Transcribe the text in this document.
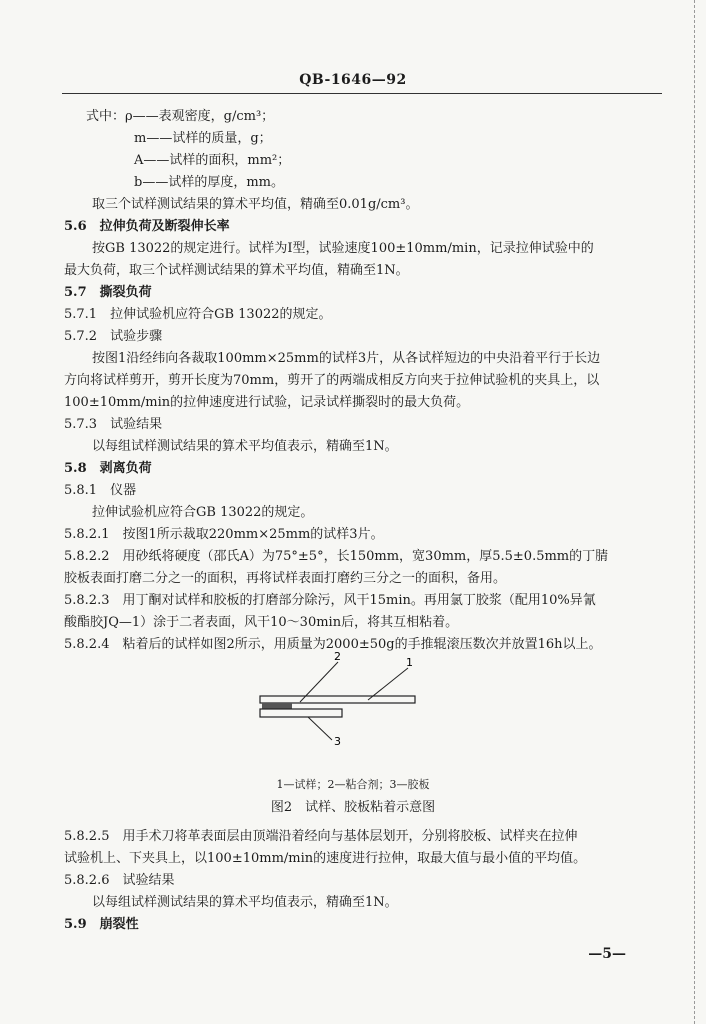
QB-1646—92
式中：ρ——表观密度，g/cm³；
m——试样的质量，g；
A——试样的面积，mm²；
b——试样的厚度，mm。
取三个试样测试结果的算术平均值，精确至0.01g/cm³。
5.6　拉伸负荷及断裂伸长率
按GB 13022的规定进行。试样为Ⅰ型，试验速度100±10mm/min，记录拉伸试验中的
最大负荷，取三个试样测试结果的算术平均值，精确至1N。
5.7　撕裂负荷
5.7.1　拉伸试验机应符合GB 13022的规定。
5.7.2　试验步骤
按图1沿经纬向各裁取100mm×25mm的试样3片，从各试样短边的中央沿着平行于长边
方向将试样剪开，剪开长度为70mm，剪开了的两端成相反方向夹于拉伸试验机的夹具上，以
100±10mm/min的拉伸速度进行试验，记录试样撕裂时的最大负荷。
5.7.3　试验结果
以每组试样测试结果的算术平均值表示，精确至1N。
5.8　剥离负荷
5.8.1　仪器
拉伸试验机应符合GB 13022的规定。
5.8.2.1　按图1所示裁取220mm×25mm的试样3片。
5.8.2.2　用砂纸将硬度（邵氏A）为75°±5°，长150mm，宽30mm，厚5.5±0.5mm的丁腈
胶板表面打磨二分之一的面积，再将试样表面打磨约三分之一的面积，备用。
5.8.2.3　用丁酮对试样和胶板的打磨部分除污，风干15min。再用氯丁胶浆（配用10%异氰
酸酯胶JQ—1）涂于二者表面，风干10～30min后，将其互相粘着。
5.8.2.4　粘着后的试样如图2所示，用质量为2000±50g的手推辊滚压数次并放置16h以上。
2	1
3
1—试样；2—粘合剂；3—胶板
图2　试样、胶板粘着示意图
5.8.2.5　用手术刀将革表面层由顶端沿着经向与基体层划开，分别将胶板、试样夹在拉伸
试验机上、下夹具上，以100±10mm/min的速度进行拉伸，取最大值与最小值的平均值。
5.8.2.6　试验结果
以每组试样测试结果的算术平均值表示，精确至1N。
5.9　崩裂性
—5—
